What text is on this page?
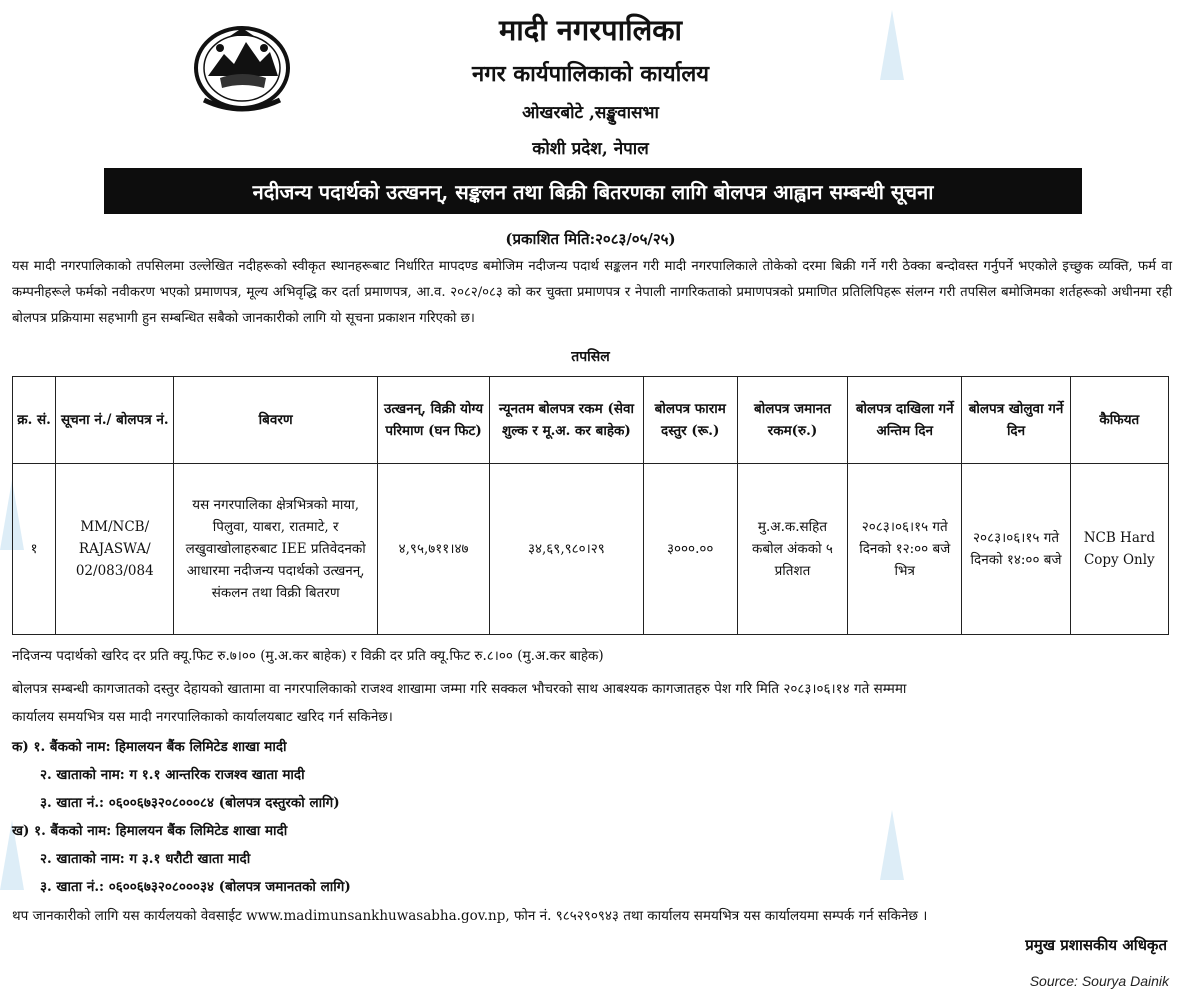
मादी नगरपालिका
नगर कार्यपालिकाको कार्यालय
ओखरबोटे ,सङ्खुवासभा
कोशी प्रदेश, नेपाल
नदीजन्य पदार्थको उत्खनन्, सङ्कलन तथा बिक्री बितरणका लागि बोलपत्र आह्वान सम्बन्धी सूचना
(प्रकाशित मिति:२०८३/०५/२५)
यस मादी नगरपालिकाको तपसिलमा उल्लेखित नदीहरूको स्वीकृत स्थानहरूबाट निर्धारित मापदण्ड बमोजिम नदीजन्य पदार्थ सङ्कलन गरी मादी नगरपालिकाले तोकेको दरमा बिक्री गर्ने गरी ठेक्का बन्दोवस्त गर्नुपर्ने भएकोले इच्छुक व्यक्ति, फर्म वा कम्पनीहरूले फर्मको नवीकरण भएको प्रमाणपत्र, मूल्य अभिवृद्धि कर दर्ता प्रमाणपत्र, आ.व. २०८२/०८३ को कर चुक्ता प्रमाणपत्र र नेपाली नागरिकताको प्रमाणपत्रको प्रमाणित प्रतिलिपिहरू संलग्न गरी तपसिल बमोजिमका शर्तहरूको अधीनमा रही बोलपत्र प्रक्रियामा सहभागी हुन सम्बन्धित सबैको जानकारीको लागि यो सूचना प्रकाशन गरिएको छ।
तपसिल
क्र. सं.	सूचना नं./ बोलपत्र नं.	बिवरण	उत्खनन्, विक्री योग्य परिमाण (घन फिट)	न्यूनतम बोलपत्र रकम (सेवा शुल्क र मू.अ. कर बाहेक)	बोलपत्र फाराम दस्तुर (रू.)	बोलपत्र जमानत रकम(रु.)	बोलपत्र दाखिला गर्ने अन्तिम दिन	बोलपत्र खोलुवा गर्ने दिन	कैफियत
१	MM/NCB/ RAJASWA/ 02/083/084	यस नगरपालिका क्षेत्रभित्रको माया, पिलुवा, याबरा, रातमाटे, र लखुवाखोलाहरुबाट IEE प्रतिवेदनको आधारमा नदीजन्य पदार्थको उत्खनन्, संकलन तथा विक्री बितरण	४,९५,७११।४७	३४,६९,९८०।२९	३०००.००	मु.अ.क.सहित कबोल अंकको ५ प्रतिशत	२०८३।०६।१५ गते दिनको १२:०० बजे भित्र	२०८३।०६।१५ गते दिनको १४:०० बजे	NCB Hard Copy Only
नदिजन्य पदार्थको खरिद दर प्रति क्यू.फिट रु.७।०० (मु.अ.कर बाहेक) र विक्री दर प्रति क्यू.फिट रु.८।०० (मु.अ.कर बाहेक)
बोलपत्र सम्बन्धी कागजातको दस्तुर देहायको खातामा वा नगरपालिकाको राजश्व शाखामा जम्मा गरि सक्कल भौचरको साथ आबश्यक कागजातहरु पेश गरि मिति २०८३।०६।१४ गते सम्ममा
कार्यालय समयभित्र यस मादी नगरपालिकाको कार्यालयबाट खरिद गर्न सकिनेछ।
क) १. बैंकको नाम: हिमालयन बैंक लिमिटेड शाखा मादी
२. खाताको नाम: ग १.१ आन्तरिक राजश्व खाता मादी
३. खाता नं.: ०६००६७३२०८०००८४ (बोलपत्र दस्तुरको लागि)
ख) १. बैंकको नाम: हिमालयन बैंक लिमिटेड शाखा मादी
२. खाताको नाम: ग ३.१ धरौटी खाता मादी
३. खाता नं.: ०६००६७३२०८०००३४ (बोलपत्र जमानतको लागि)
थप जानकारीको लागि यस कार्यलयको वेवसाईट www.madimunsankhuwasabha.gov.np, फोन नं. ९८५२९०९४३ तथा कार्यालय समयभित्र यस कार्यालयमा सम्पर्क गर्न सकिनेछ ।
प्रमुख प्रशासकीय अधिकृत
Source: Sourya Dainik
